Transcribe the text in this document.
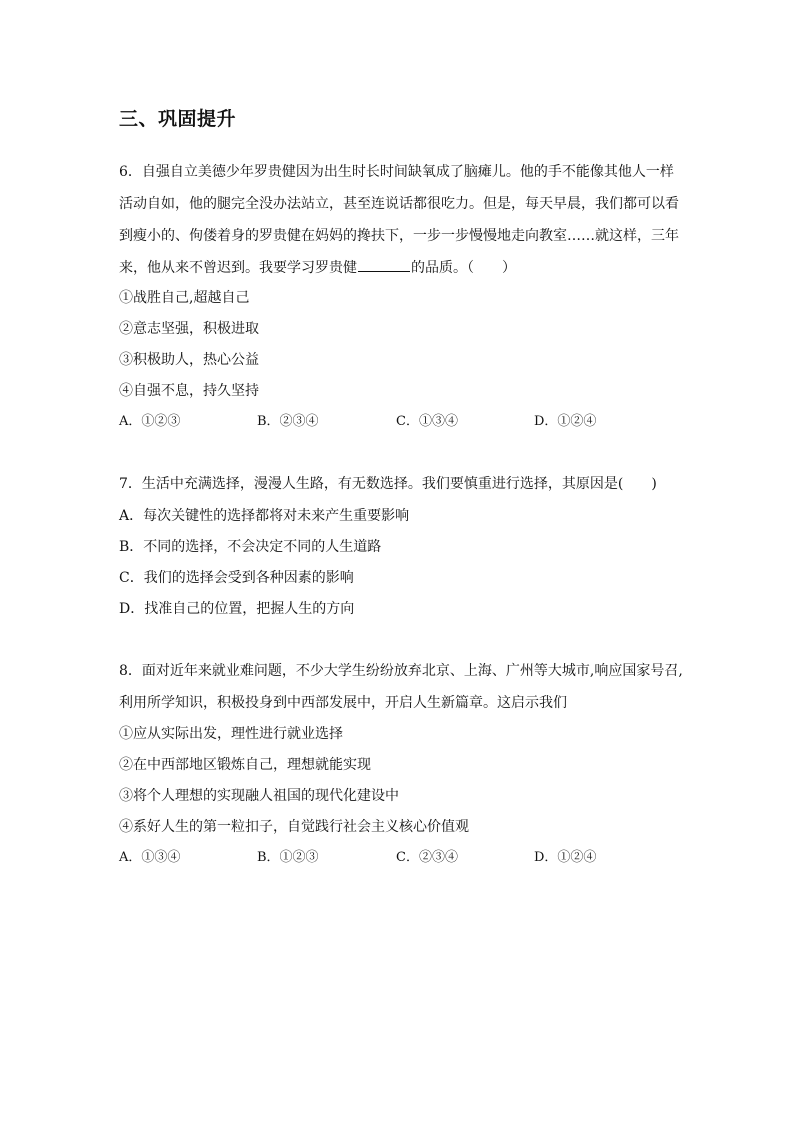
三、巩固提升
6．自强自立美德少年罗贵健因为出生时长时间缺氧成了脑瘫儿。他的手不能像其他人一样
活动自如，他的腿完全没办法站立，甚至连说话都很吃力。但是，每天早晨，我们都可以看
到瘦小的、佝偻着身的罗贵健在妈妈的搀扶下，一步一步慢慢地走向教室……就这样，三年
来，他从来不曾迟到。我要学习罗贵健	的品质。（　　）
①战胜自己,超越自己
②意志坚强，积极进取
③积极助人，热心公益
④自强不息，持久坚持
A．①②③	B．②③④	C．①③④	D．①②④
7．生活中充满选择，漫漫人生路，有无数选择。我们要慎重进行选择，其原因是(　　)
A．每次关键性的选择都将对未来产生重要影响
B．不同的选择，不会决定不同的人生道路
C．我们的选择会受到各种因素的影响
D．找准自己的位置，把握人生的方向
8．面对近年来就业难问题，不少大学生纷纷放弃北京、上海、广州等大城市,响应国家号召,
利用所学知识，积极投身到中西部发展中，开启人生新篇章。这启示我们
①应从实际出发，理性进行就业选择
②在中西部地区锻炼自己，理想就能实现
③将个人理想的实现融人祖国的现代化建设中
④系好人生的第一粒扣子，自觉践行社会主义核心价值观
A．①③④	B．①②③	C．②③④	D．①②④
